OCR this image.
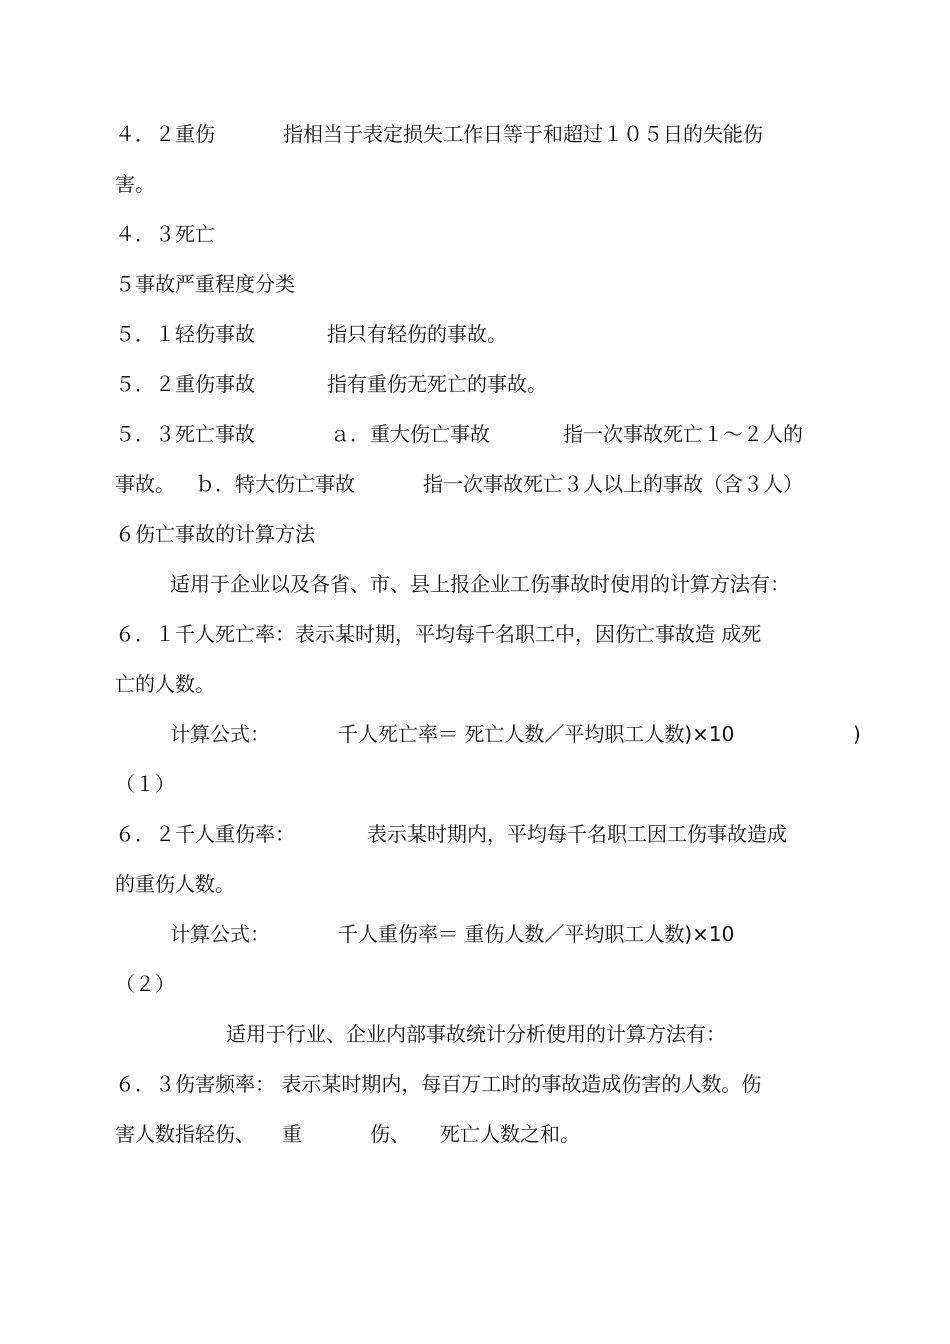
４．２重伤

	指相当于表定损失工作日等于和超过１０５日的失能伤

害。

４．３死亡

５事故严重程度分类

５．１轻伤事故

	指只有轻伤的事故。

５．２重伤事故

	指有重伤无死亡的事故。

５．３死亡事故

	ａ．重大伤亡事故

	指一次事故死亡１～２人的

事故。

ｂ．特大伤亡事故

	指一次事故死亡３人以上的事故（含３人）

６伤亡事故的计算方法

适用于企业以及各省、市、县上报企业工伤事故时使用的计算方法有：

６．１千人死亡率：表示某时期，平均每千名职工中，因伤亡事故造 成死

亡的人数。

计算公式：

	千人死亡率＝ 死亡人数／平均职工人数)×10

	)

（１）

６．２千人重伤率：

	表示某时期内，平均每千名职工因工伤事故造成

的重伤人数。

计算公式：

	千人重伤率＝ 重伤人数／平均职工人数)×10

（２）

适用于行业、企业内部事故统计分析使用的计算方法有：

６．３伤害频率： 表示某时期内，每百万工时的事故造成伤害的人数。伤

害人数指轻伤、

重

	伤、

死亡人数之和。
